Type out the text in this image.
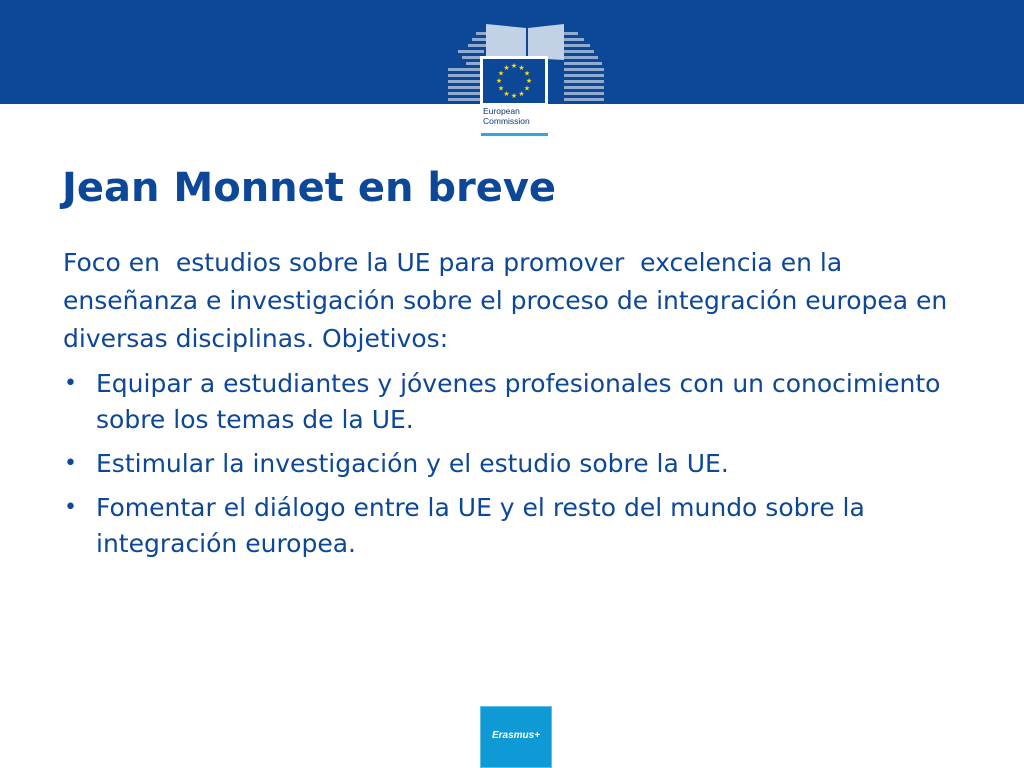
★ ★
★
★
★
★
★
★
★
★
★
★
European
Commission
Jean Monnet en breve

Foco en  estudios sobre la UE para promover  excelencia en la enseñanza e investigación sobre el proceso de integración europea en diversas disciplinas. Objetivos:

• Equipar a estudiantes y jóvenes profesionales con un conocimiento sobre los temas de la UE.
• Estimular la investigación y el estudio sobre la UE.
• Fomentar el diálogo entre la UE y el resto del mundo sobre la integración europea.
Erasmus+
